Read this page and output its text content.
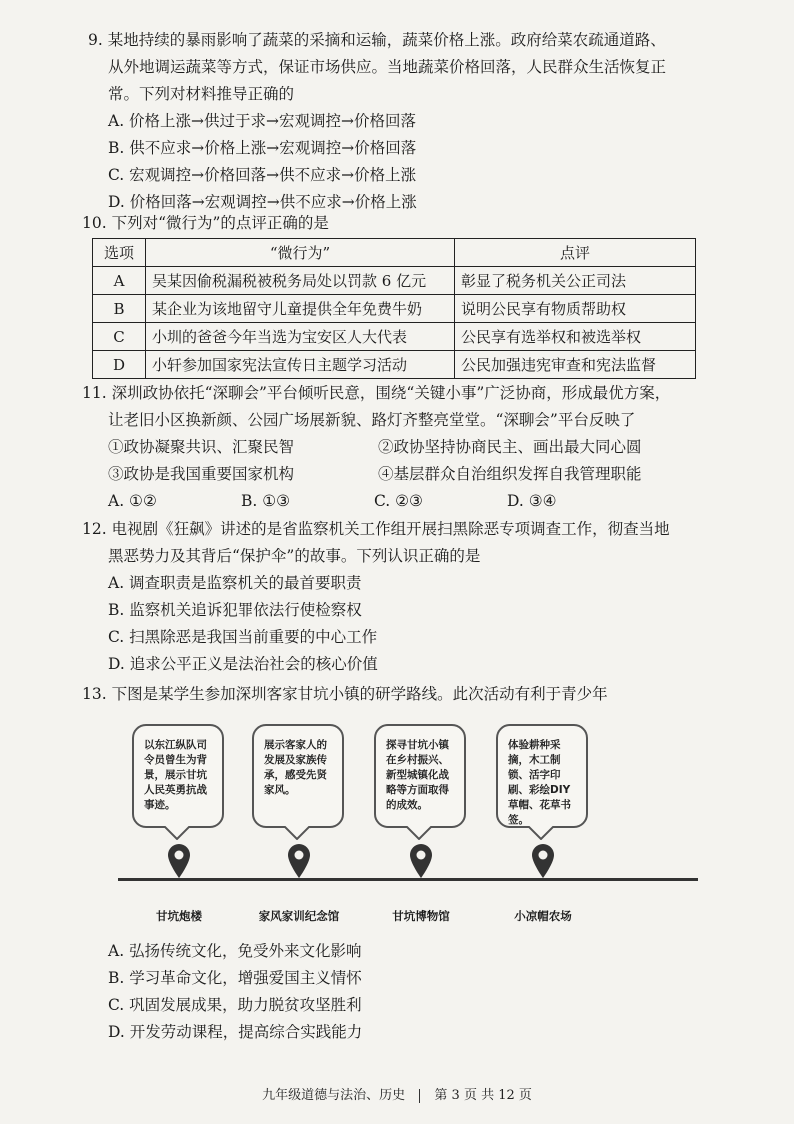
9. 某地持续的暴雨影响了蔬菜的采摘和运输，蔬菜价格上涨。政府给菜农疏通道路、

从外地调运蔬菜等方式，保证市场供应。当地蔬菜价格回落，人民群众生活恢复正

常。下列对材料推导正确的

A. 价格上涨→供过于求→宏观调控→价格回落

B. 供不应求→价格上涨→宏观调控→价格回落

C. 宏观调控→价格回落→供不应求→价格上涨

D. 价格回落→宏观调控→供不应求→价格上涨

10. 下列对“微行为”的点评正确的是

选项	“微行为”	点评
A	吴某因偷税漏税被税务局处以罚款 6 亿元	彰显了税务机关公正司法
B	某企业为该地留守儿童提供全年免费牛奶	说明公民享有物质帮助权
C	小圳的爸爸今年当选为宝安区人大代表	公民享有选举权和被选举权
D	小轩参加国家宪法宣传日主题学习活动	公民加强违宪审查和宪法监督

11. 深圳政协依托“深聊会”平台倾听民意，围绕“关键小事”广泛协商，形成最优方案，

让老旧小区换新颜、公园广场展新貌、路灯齐整亮堂堂。“深聊会”平台反映了

①政协凝聚共识、汇聚民智	②政协坚持协商民主、画出最大同心圆
③政协是我国重要国家机构	④基层群众自治组织发挥自我管理职能
A. ①②	B. ①③	C. ②③	D. ③④

12. 电视剧《狂飙》讲述的是省监察机关工作组开展扫黑除恶专项调查工作，彻查当地

黑恶势力及其背后“保护伞”的故事。下列认识正确的是

A. 调查职责是监察机关的最首要职责

B. 监察机关追诉犯罪依法行使检察权

C. 扫黑除恶是我国当前重要的中心工作

D. 追求公平正义是法治社会的核心价值

13. 下图是某学生参加深圳客家甘坑小镇的研学路线。此次活动有利于青少年

以东江纵队司令员曾生为背景，展示甘坑人民英勇抗战事迹。
展示客家人的发展及家族传承，感受先贤家风。
探寻甘坑小镇在乡村振兴、新型城镇化战略等方面取得的成效。
体验耕种采摘，木工制锁、活字印刷、彩绘DIY草帽、花草书签。
甘坑炮楼	家风家训纪念馆	甘坑博物馆	小凉帽农场

A. 弘扬传统文化，免受外来文化影响

B. 学习革命文化，增强爱国主义情怀

C. 巩固发展成果，助力脱贫攻坚胜利

D. 开发劳动课程，提高综合实践能力

九年级道德与法治、历史 第 3 页 共 12 页
